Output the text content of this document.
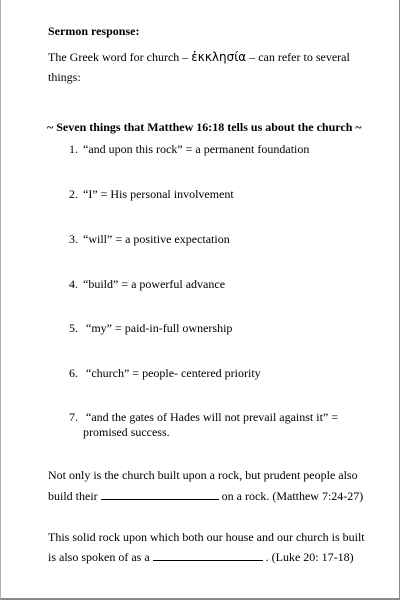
Sermon response:
The Greek word for church – ἐκκλησία – can refer to several
things:
~ Seven things that Matthew 16:18 tells us about the church ~
1. “and upon this rock” = a permanent foundation
2. “I” = His personal involvement
3. “will” = a positive expectation
4. “build” = a powerful advance
5. “my” = paid-in-full ownership
6. “church” = people- centered priority
7. “and the gates of Hades will not prevail against it” =
promised success.
Not only is the church built upon a rock, but prudent people also
build their	on a rock. (Matthew 7:24-27)
This solid rock upon which both our house and our church is built
is also spoken of as a	. (Luke 20: 17-18)
